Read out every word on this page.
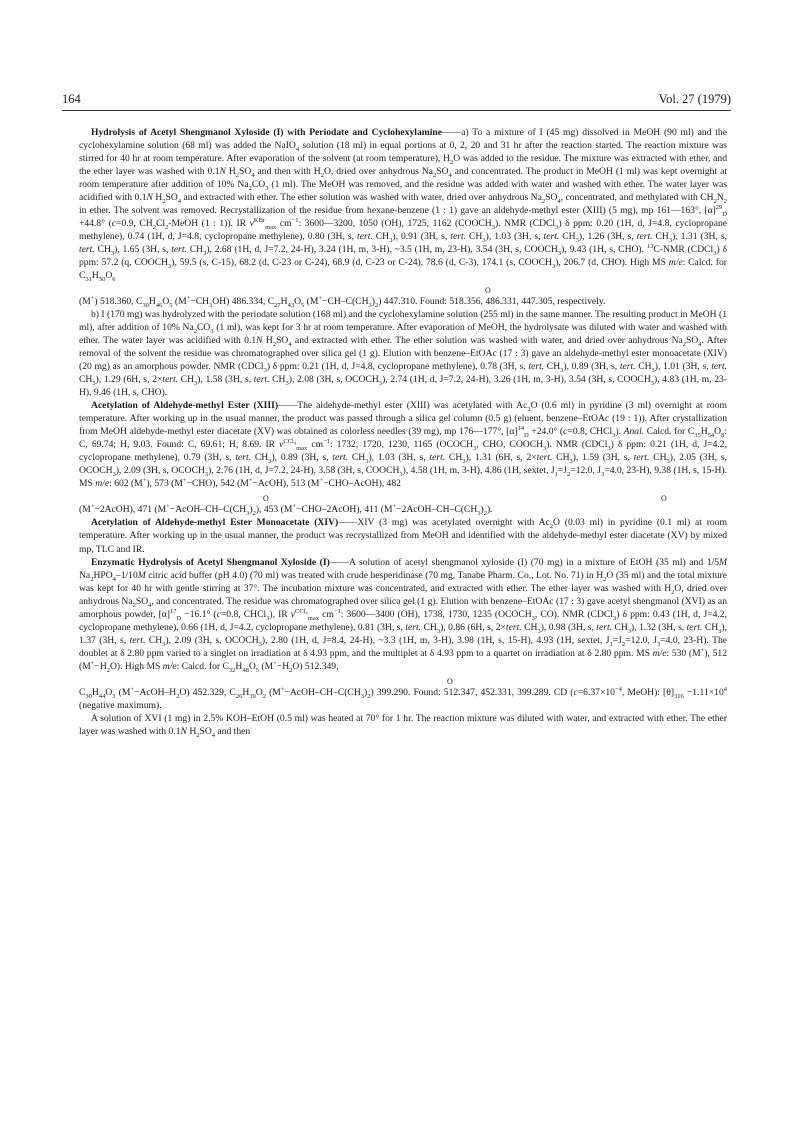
164	Vol. 27 (1979)

Hydrolysis of Acetyl Shengmanol Xyloside (I) with Periodate and Cyclohexylamine——a) To a mixture of I (45 mg) dissolved in MeOH (90 ml) and the cyclohexylamine solution (68 ml) was added the NaIO$_4$ solution (18 ml) in equal portions at 0, 2, 20 and 31 hr after the reaction started. The reaction mixture was stirred for 40 hr at room temperature. After evaporation of the solvent (at room temperature), $H_2O$ was added to the residue. The mixture was extracted with ether, and the ether layer was washed with 0.1N $H_2SO_4$ and then with $H_2O$, dried over anhydrous $Na_2SO_4$ and concentrated. The product in MeOH (1 ml) was kept overnight at room temperature after addition of 10% $Na_2CO_3$ (1 ml). The MeOH was removed, and the residue was added with water and washed with ether. The water layer was acidified with 0.1N $H_2SO_4$ and extracted with ether. The ether solution was washed with water, dried over anhydrous $Na_2SO_4$, concentrated, and methylated with $CH_2N_2$ in ether. The solvent was removed. Recrystallization of the residue from hexane-benzene (1 : 1) gave an aldehyde-methyl ester (XIII) (5 mg), mp 161—163°, $[\alpha]^{29}_D +44.8^\circ$ (c=0.9, $CH_2Cl_2$-MeOH (1 : 1)). IR $\nu^{KBr}_{max}$ $cm^{-1}$: 3600—3200, 1050 (OH), 1725, 1162 $(COOCH_3)$. NMR (CDCl$_3$) δ ppm: 0.20 (1H, d, J=4.8, cyclopropane methylene), 0.74 (1H, d, J=4.8, cyclopropane methylene), 0.80 (3H, s, tert. $CH_3$), 0.91 (3H, s, tert. $CH_3$), 1.03 (3H, s, tert. $CH_3$), 1.26 (3H, s, tert. $CH_3$), 1.31 (3H, s, tert. $CH_3$), 1.65 (3H, s, tert. $CH_3$), 2.68 (1H, d, J=7.2, 24-H), 3.24 (1H, m, 3-H), ~3.5 (1H, m, 23-H), 3.54 (3H, s, $COOCH_3$), 9.43 (1H, s, CHO). $^{13}$C-NMR (CDCl$_3$) δ ppm: 57.2 (q, $COOCH_3$), 59.5 (s, C-15), 68.2 (d, C-23 or C-24), 68.9 (d, C-23 or C-24), 78.6 (d, C-3), 174.1 (s, $COOCH_3$), 206.7 (d, CHO). High MS m/e: Calcd. for $C_{31}H_{50}O_6$
O
(M+) 518.360, $C_{30}H_{46}O_5$ $(M^+-CH_3OH)$ 486.334, $C_{27}H_{43}O_5$ $(M^+-CH-C(CH_3)_2)$ 447.310. Found: 518.356, 486.331, 447.305, respectively.

b) I (170 mg) was hydrolyzed with the periodate solution (168 ml) and the cyclohexylamine solution (255 ml) in the same manner. The resulting product in MeOH (1 ml), after addition of 10% $Na_2CO_3$ (1 ml), was kept for 3 hr at room temperature. After evaporation of MeOH, the hydrolysate was diluted with water and washed with ether. The water layer was acidified with 0.1N $H_2SO_4$ and extracted with ether. The ether solution was washed with water, and dried over anhydrous $Na_2SO_4$. After removal of the solvent the residue was chromatographed over silica gel (1 g). Elution with benzene–EtOAc (17 : 3) gave an aldehyde-methyl ester monoacetate (XIV) (20 mg) as an amorphous powder. NMR (CDCl$_3$) δ ppm: 0.21 (1H, d, J=4.8, cyclopropane methylene), 0.78 (3H, s, tert. $CH_3$), 0.89 (3H, s, tert. $CH_3$), 1.01 (3H, s, tert. $CH_3$), 1.29 (6H, s, 2×tert. $CH_3$), 1.58 (3H, s, tert. $CH_3$), 2.08 (3H, s, $OCOCH_3$), 2.74 (1H, d, J=7.2, 24-H), 3.26 (1H, m, 3-H), 3.54 (3H, s, $COOCH_3$), 4.83 (1H, m, 23-H), 9.46 (1H, s, CHO).

Acetylation of Aldehyde-methyl Ester (XIII)——The aldehyde-methyl ester (XIII) was acetylated with $Ac_2O$ (0.6 ml) in pyridine (3 ml) overnight at room temperature. After working up in the usual manner, the product was passed through a silica gel column (0.5 g) (eluent, benzene–EtOAc (19 : 1)). After crystallization from MeOH aldehyde-methyl ester diacetate (XV) was obtained as colorless needles (39 mg), mp 176—177°, $[\alpha]^{14}_D +24.0^\circ$ (c=0.8, CHCl$_3$). Anal. Calcd. for $C_{35}H_{54}O_8$: C, 69.74; H, 9.03. Found: C, 69.61; H, 8.69. IR $\nu^{CCl_4}_{max}$ $cm^{-1}$: 1732, 1720, 1230, 1165 ($OCOCH_3$, CHO, $COOCH_3$). NMR (CDCl$_3$) δ ppm: 0.21 (1H, d, J=4.2, cyclopropane methylene), 0.79 (3H, s, tert. $CH_3$), 0.89 (3H, s, tert. $CH_3$), 1.03 (3H, s, tert. $CH_3$), 1.31 (6H, s, 2×tert. $CH_3$), 1.59 (3H, s, tert. $CH_3$), 2.05 (3H, s, $OCOCH_3$), 2.09 (3H, s, $OCOCH_3$), 2.76 (1H, d, J=7.2, 24-H), 3.58 (3H, s, $COOCH_3$), 4.58 (1H, m, 3-H), 4.86 (1H, sextet, $J_1=J_2=12.0$, $J_3=4.0$, 23-H), 9.38 (1H, s, 15-H). MS m/e: 602 (M+), 573 (M+−CHO), 542 (M+−AcOH), 513 (M+−CHO–AcOH), 482
O	O
(M+−2AcOH), 471 $(M^+-AcOH-CH-C(CH_3)_2)$, 453 (M+−CHO–2AcOH), 411 $(M^+-2AcOH-CH-C(CH_3)_2)$.

Acetylation of Aldehyde-methyl Ester Monoacetate (XIV)——XIV (3 mg) was acetylated overnight with $Ac_2O$ (0.03 ml) in pyridine (0.1 ml) at room temperature. After working up in the usual manner, the product was recrystallized from MeOH and identified with the aldehyde-methyl ester diacetate (XV) by mixed mp, TLC and IR.

Enzymatic Hydrolysis of Acetyl Shengmanol Xyloside (I)——A solution of acetyl shengmanol xyloside (I) (70 mg) in a mixture of EtOH (35 ml) and 1/5M $Na_2HPO_4-1/10M$ citric acid buffer (pH 4.0) (70 ml) was treated with crude hesperidinase (70 mg, Tanabe Pharm. Co., Lot. No. 71) in $H_2O$ (35 ml) and the total mixture was kept for 40 hr with gentle stirring at 37°. The incubation mixture was concentrated, and extracted with ether. The ether layer was washed with $H_2O$, dried over anhydrous $Na_2SO_4$, and concentrated. The residue was chromatographed over silica gel (1 g). Elution with benzene–EtOAc (17 : 3) gave acetyl shengmanol (XVI) as an amorphous powder, $[\alpha]^{17}_D -16.1^\circ$ (c=0.8, CHCl$_3$), IR $\nu^{CCl_4}_{max}$ $cm^{-1}$: 3600—3400 (OH), 1738, 1730, 1235 ($OCOCH_3$, CO). NMR (CDCl$_3$) δ ppm: 0.43 (1H, d, J=4.2, cyclopropane methylene), 0.66 (1H, d, J=4.2, cyclopropane methylene), 0.81 (3H, s, tert. $CH_3$), 0.86 (6H, s, 2×tert. $CH_3$), 0.98 (3H, s, tert. $CH_3$), 1.32 (3H, s, tert. $CH_3$), 1.37 (3H, s, tert. $CH_3$), 2.09 (3H, s, $OCOCH_3$), 2.80 (1H, d, J=8.4, 24-H), ~3.3 (1H, m, 3-H), 3.98 (1H, s, 15-H), 4.93 (1H, sextet, $J_1=J_2=12.0$, $J_3=4.0$, 23-H). The doublet at δ 2.80 ppm varied to a singlet on irradiation at δ 4.93 ppm, and the multiplet at δ 4.93 ppm to a quartet on irradiation at δ 2.80 ppm. MS m/e: 530 (M+), 512 $(M^+-H_2O)$. High MS m/e: Calcd. for $C_{32}H_{48}O_5$ $(M^+-H_2O)$ 512.349,
O
$C_{30}H_{44}O_3$ $(M^+-AcOH-H_2O)$ 452.329, $C_{26}H_{39}O_2$ $(M^+-AcOH-CH-C(CH_3)_2)$ 399.290. Found: 512.347, 452.331, 399.289. CD ($c=6.37\times 10^{-4}$, MeOH): $[\theta]_{316} -1.11\times 10^4$ (negative maximum).

A solution of XVI (1 mg) in 2.5% KOH–EtOH (0.5 ml) was heated at 70° for 1 hr. The reaction mixture was diluted with water, and extracted with ether. The ether layer was washed with 0.1N $H_2SO_4$ and then
